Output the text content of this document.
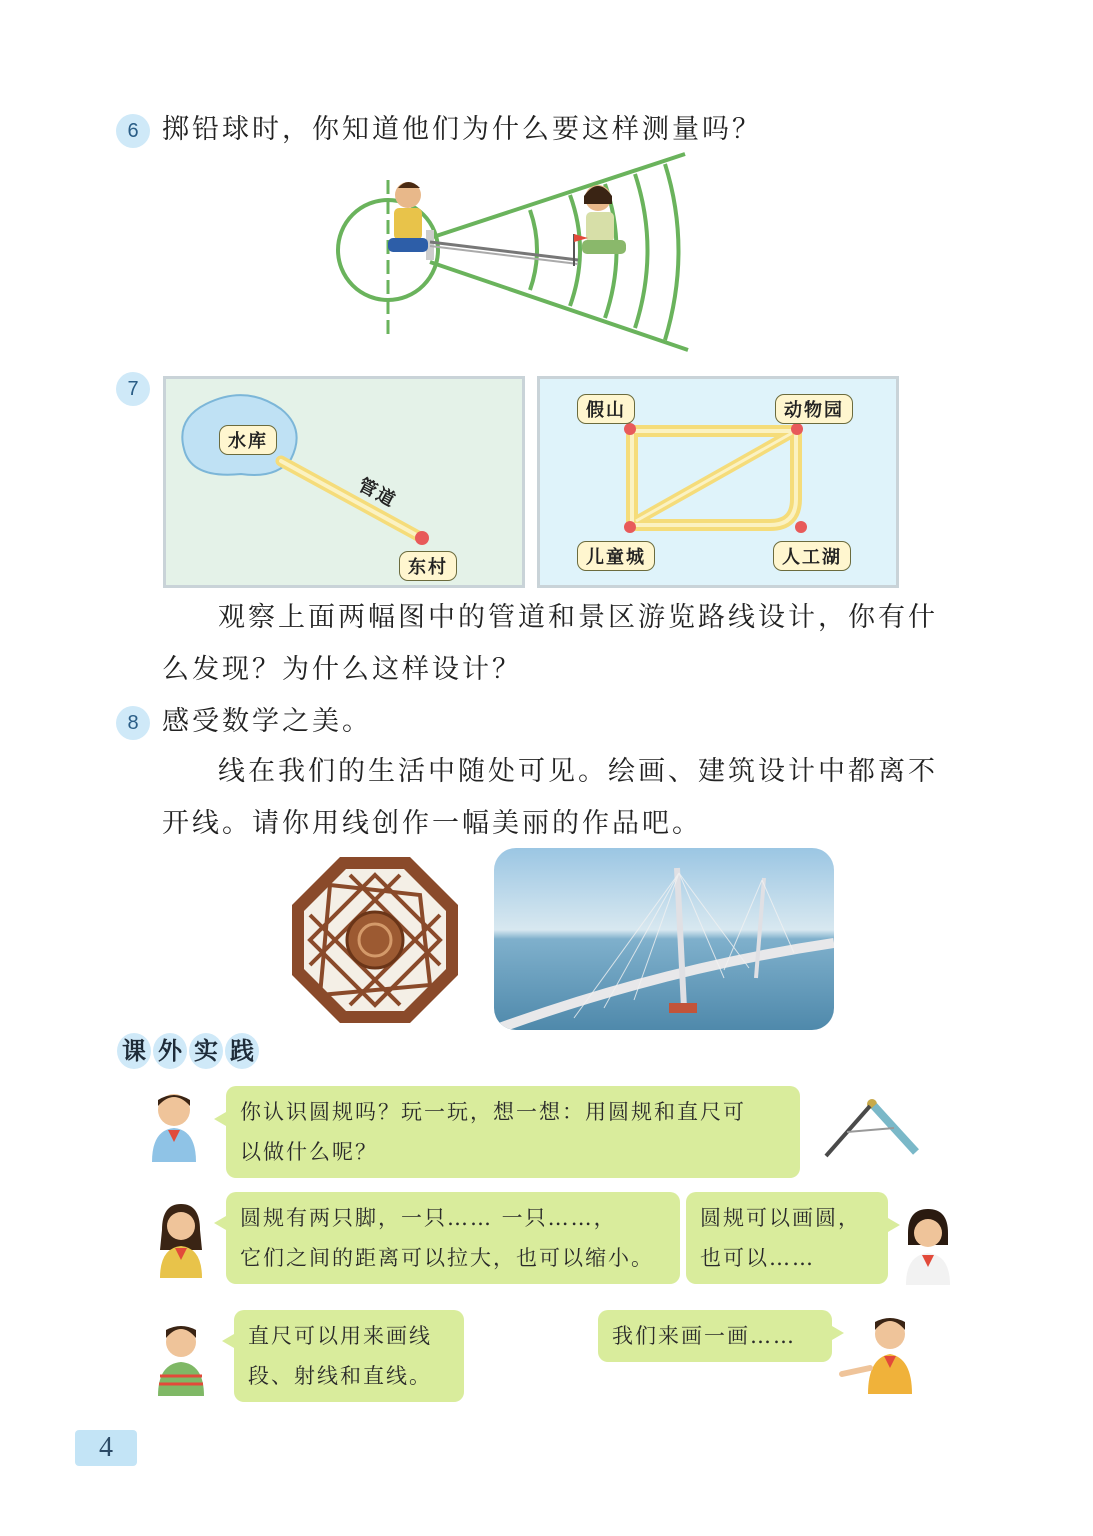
6 掷铅球时，你知道他们为什么要这样测量吗？
7
水库
管道
东村
假山	动物园
儿童城	人工湖
观察上面两幅图中的管道和景区游览路线设计，你有什
么发现？为什么这样设计？
8 感受数学之美。
线在我们的生活中随处可见。绘画、建筑设计中都离不
开线。请你用线创作一幅美丽的作品吧。
课 外 实 践
你认识圆规吗？玩一玩，想一想：用圆规和直尺可
以做什么呢？
圆规有两只脚，一只…… 一只……，
它们之间的距离可以拉大，也可以缩小。
圆规可以画圆，
也可以……
直尺可以用来画线
段、射线和直线。
我们来画一画……
4
